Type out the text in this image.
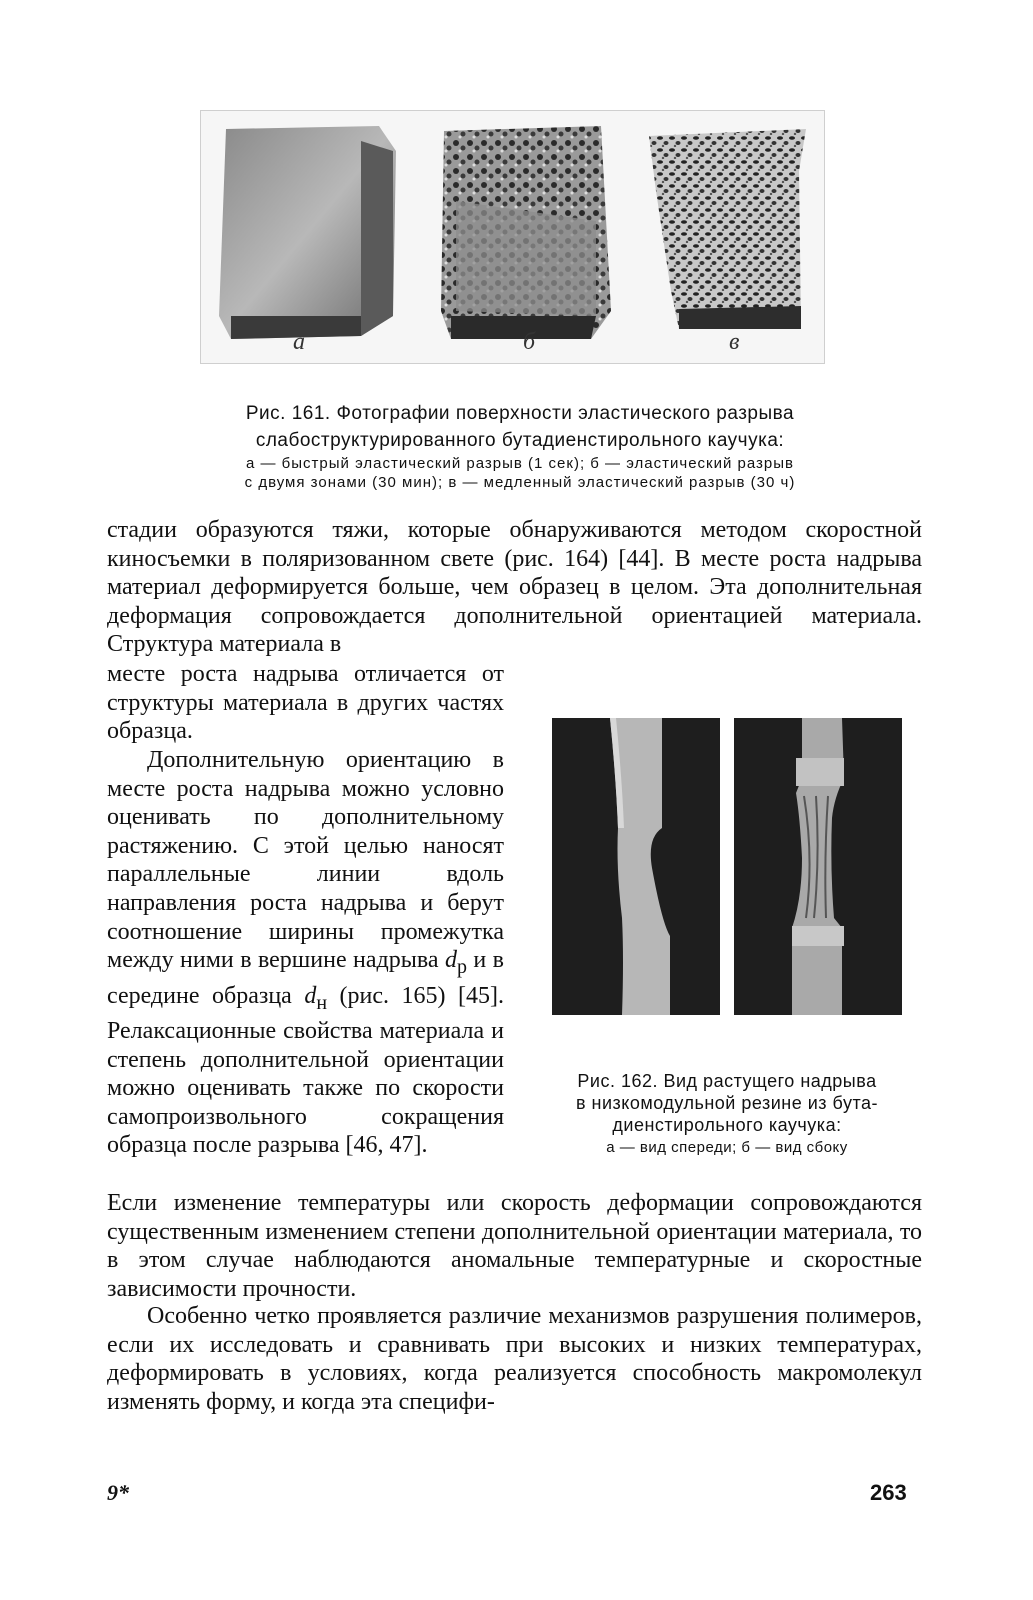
а	б	в
Рис. 161. Фотографии поверхности эластического разрыва
слабоструктурированного бутадиенстирольного каучука:
а — быстрый эластический разрыв (1 сек); б — эластический разрыв
с двумя зонами (30 мин); в — медленный эластический разрыв (30 ч)

стадии образуются тяжи, которые обнаруживаются методом скоростной киносъемки в поляризованном свете (рис. 164) [44]. В месте роста надрыва материал деформируется больше, чем образец в целом. Эта дополнительная деформация сопровождается дополнительной ориентацией материала. Структура материала в

месте роста надрыва отличается от структуры материала в других частях образца.

Дополнительную ориентацию в месте роста надрыва можно условно оценивать по дополнительному растяжению. С этой целью наносят параллельные линии вдоль направления роста надрыва и берут соотношение ширины промежутка между ними в вершине надрыва $d_р$ и в середине образца $d_н$ (рис. 165) [45]. Релаксационные свойства материала и степень дополнительной ориентации можно оценивать также по скорости самопроизвольного сокращения образца после разрыва [46, 47].

Рис. 162. Вид растущего надрыва
в низкомодульной резине из бута-
диенстирольного каучука:
а — вид спереди; б — вид сбоку

Если изменение температуры или скорость деформации сопровождаются существенным изменением степени дополнительной ориентации материала, то в этом случае наблюдаются аномальные температурные и скоростные зависимости прочности.

Особенно четко проявляется различие механизмов разрушения полимеров, если их исследовать и сравнивать при высоких и низких температурах, деформировать в условиях, когда реализуется способность макромолекул изменять форму, и когда эта специфи-

9*	263
